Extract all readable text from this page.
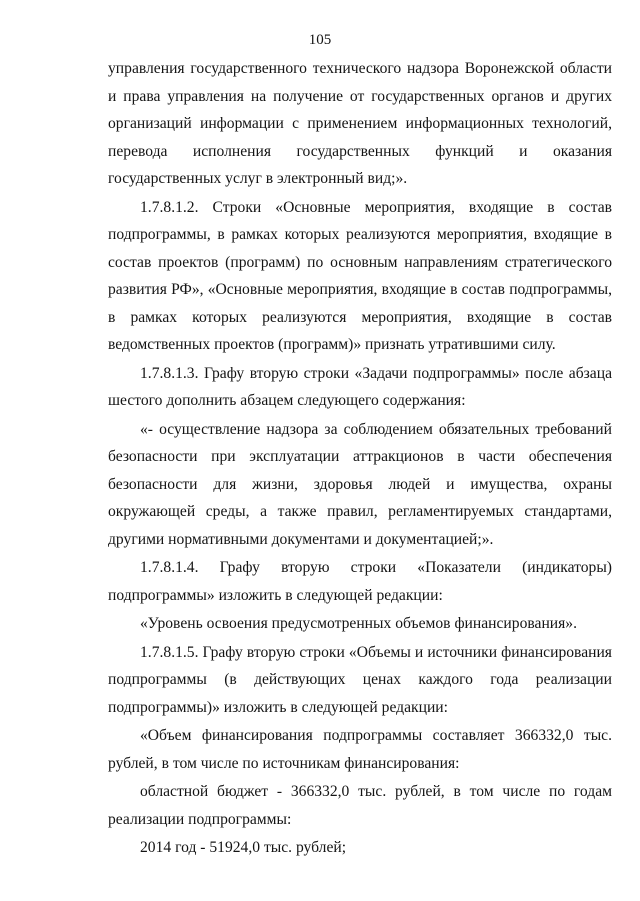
105

управления государственного технического надзора Воронежской области и права управления на получение от государственных органов и других организаций информации с применением информационных технологий, перевода исполнения государственных функций и оказания государственных услуг в электронный вид;».

1.7.8.1.2. Строки «Основные мероприятия, входящие в состав подпрограммы, в рамках которых реализуются мероприятия, входящие в состав проектов (программ) по основным направлениям стратегического развития РФ», «Основные мероприятия, входящие в состав подпрограммы, в рамках которых реализуются мероприятия, входящие в состав ведомственных проектов (программ)» признать утратившими силу.

1.7.8.1.3. Графу вторую строки «Задачи подпрограммы» после абзаца шестого дополнить абзацем следующего содержания:

«- осуществление надзора за соблюдением обязательных требований безопасности при эксплуатации аттракционов в части обеспечения безопасности для жизни, здоровья людей и имущества, охраны окружающей среды, а также правил, регламентируемых стандартами, другими нормативными документами и документацией;».

1.7.8.1.4. Графу вторую строки «Показатели (индикаторы) подпрограммы» изложить в следующей редакции:

«Уровень освоения предусмотренных объемов финансирования».

1.7.8.1.5. Графу вторую строки «Объемы и источники финансирования подпрограммы (в действующих ценах каждого года реализации подпрограммы)» изложить в следующей редакции:

«Объем финансирования подпрограммы составляет 366332,0 тыс. рублей, в том числе по источникам финансирования:

областной бюджет - 366332,0 тыс. рублей, в том числе по годам реализации подпрограммы:

2014 год - 51924,0 тыс. рублей;
